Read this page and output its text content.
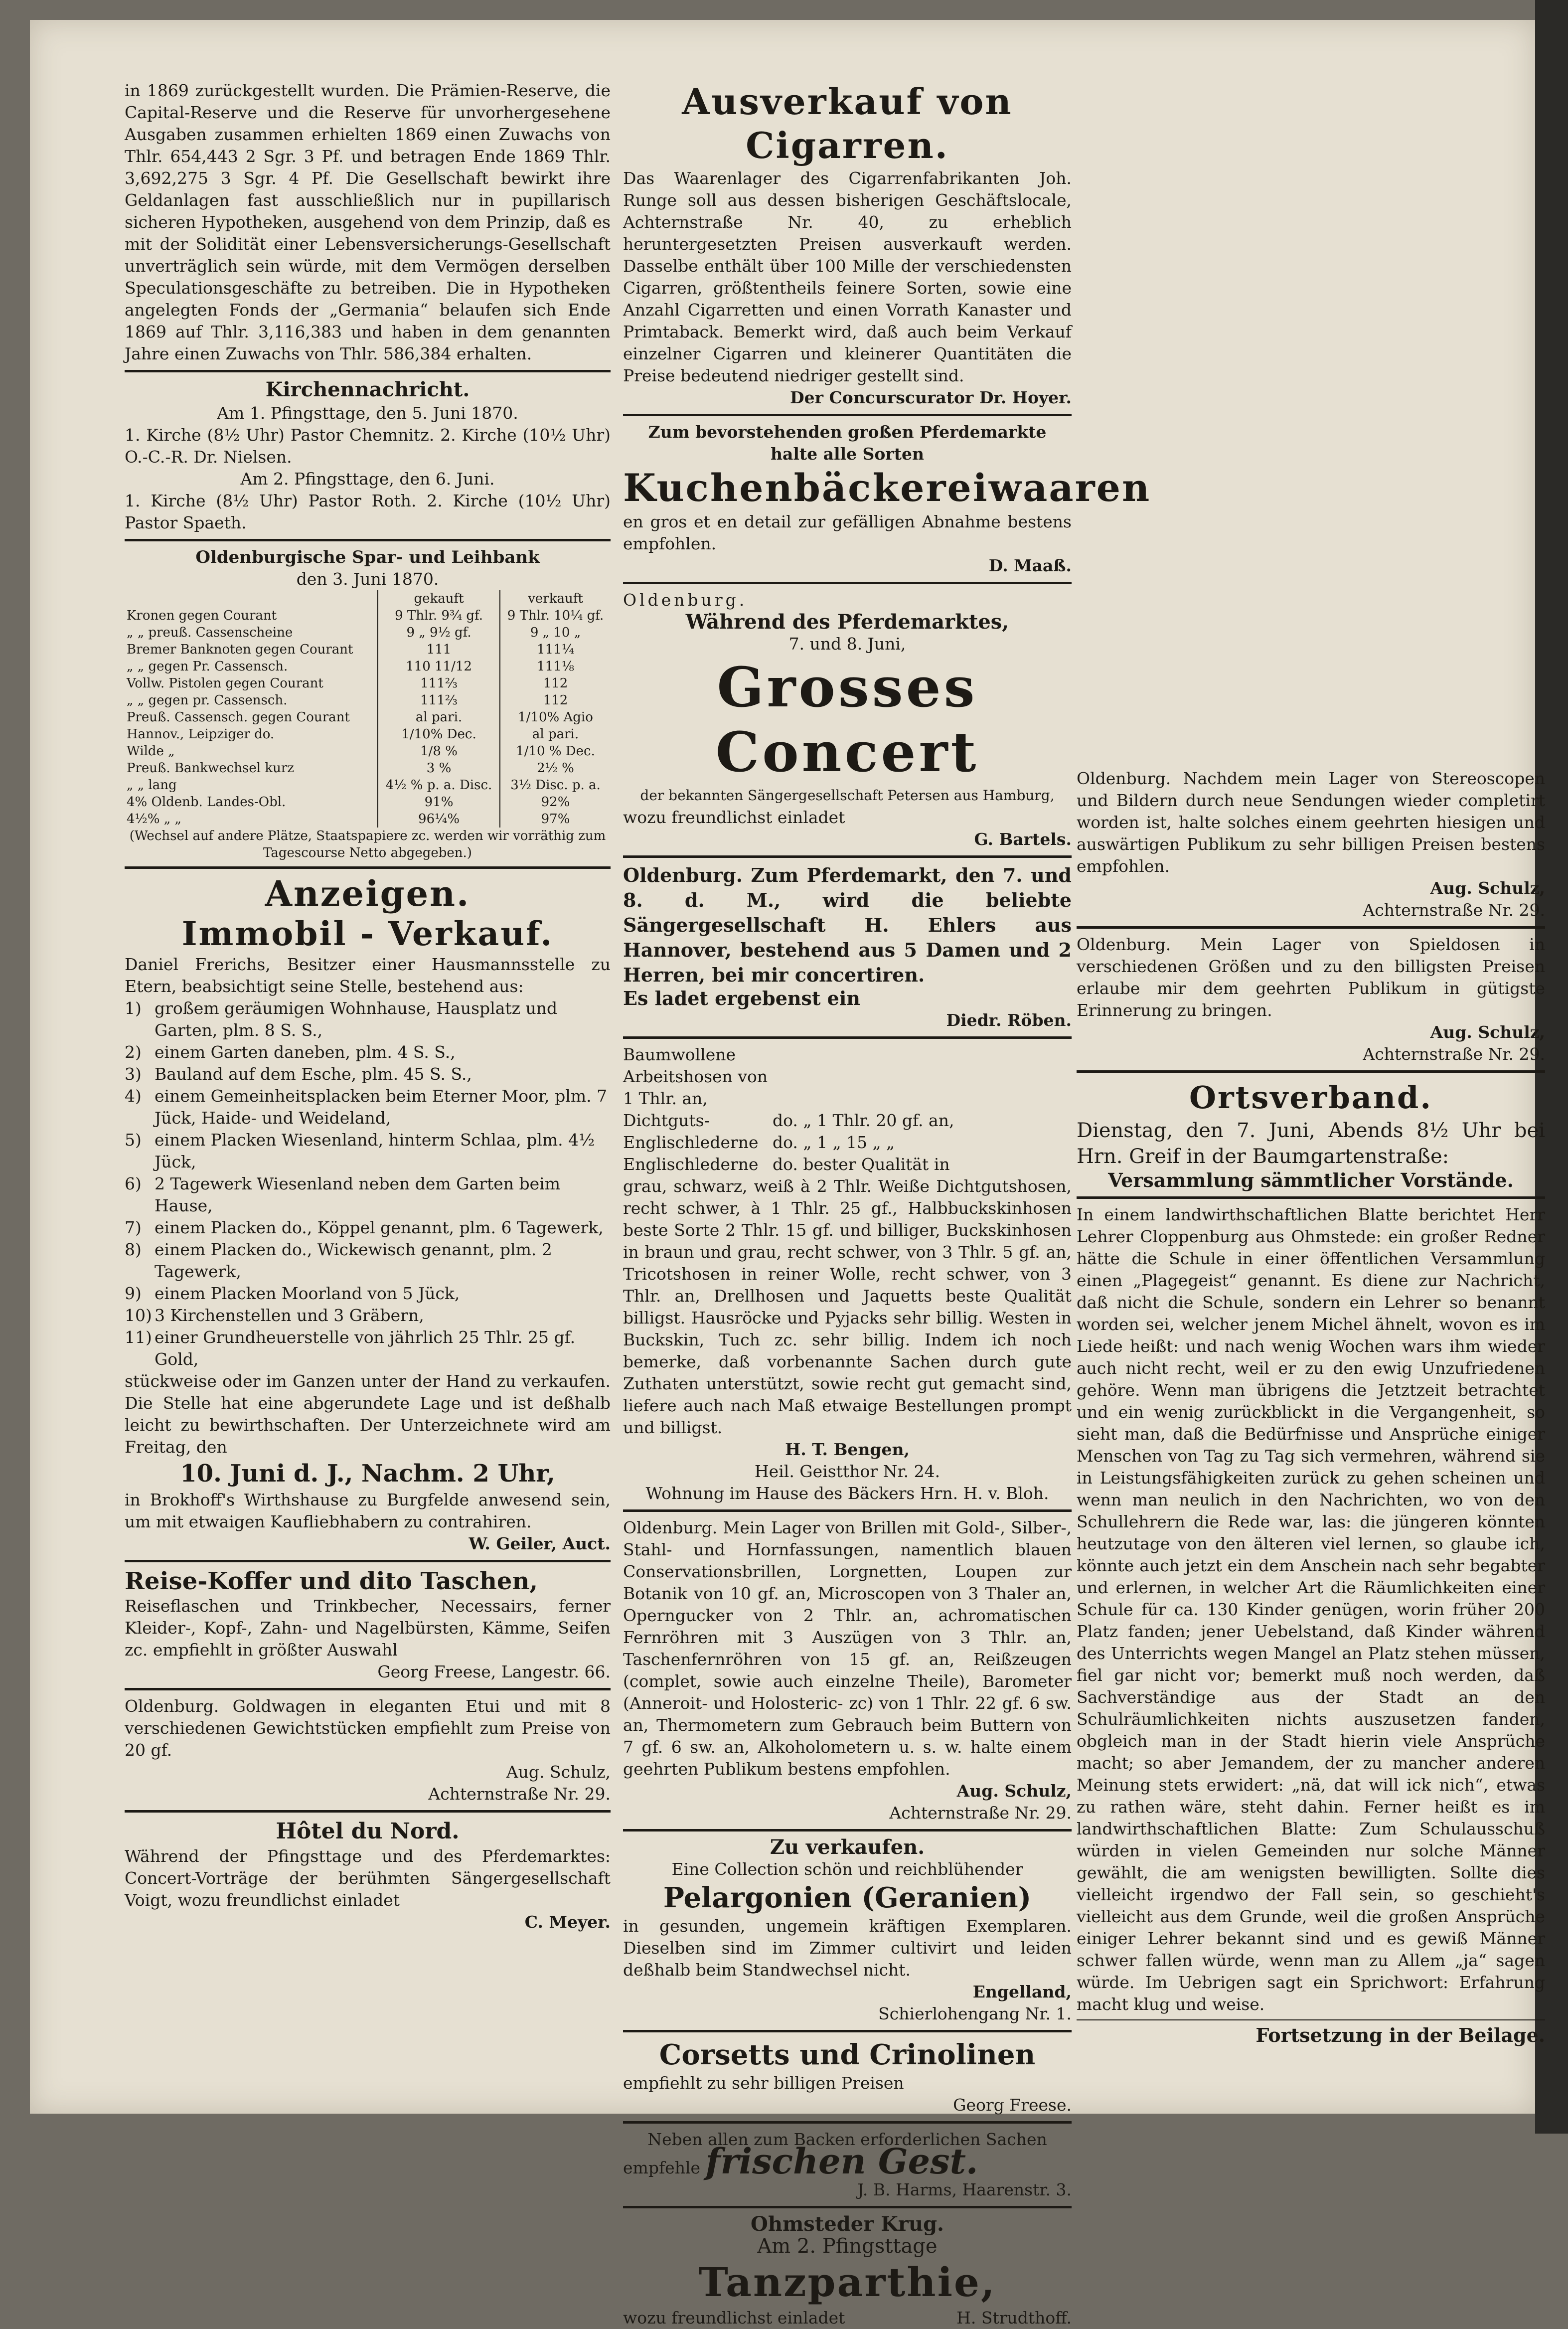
in 1869 zurückgestellt wurden. Die Prämien-Reserve, die Capital-Reserve und die Reserve für unvorhergesehene Ausgaben zusammen erhielten 1869 einen Zuwachs von Thlr. 654,443 2 Sgr. 3 Pf. und betragen Ende 1869 Thlr. 3,692,275 3 Sgr. 4 Pf. Die Gesellschaft bewirkt ihre Geldanlagen fast ausschließlich nur in pupillarisch sicheren Hypotheken, ausgehend von dem Prinzip, daß es mit der Solidität einer Lebensversicherungs-Gesellschaft unverträglich sein würde, mit dem Vermögen derselben Speculationsgeschäfte zu betreiben. Die in Hypotheken angelegten Fonds der „Germania“ belaufen sich Ende 1869 auf Thlr. 3,116,383 und haben in dem genannten Jahre einen Zuwachs von Thlr. 586,384 erhalten.

Kirchennachricht.

Am 1. Pfingsttage, den 5. Juni 1870.

1. Kirche (8½ Uhr) Pastor Chemnitz. 2. Kirche (10½ Uhr) O.-C.-R. Dr. Nielsen.

Am 2. Pfingsttage, den 6. Juni.

1. Kirche (8½ Uhr) Pastor Roth. 2. Kirche (10½ Uhr) Pastor Spaeth.

Oldenburgische Spar- und Leihbank

den 3. Juni 1870.

	gekauft	verkauft
Kronen gegen Courant	9 Thlr. 9¾ gf.	9 Thlr. 10¼ gf.
„ „ preuß. Cassenscheine	9 „ 9½ gf.	9 „ 10 „
Bremer Banknoten gegen Courant	111	111¼
„ „ gegen Pr. Cassensch.	110 11/12	111⅛
Vollw. Pistolen gegen Courant	111⅔	112
„ „ gegen pr. Cassensch.	111⅔	112
Preuß. Cassensch. gegen Courant	al pari.	1/10% Agio
Hannov., Leipziger do.	1/10% Dec.	al pari.
Wilde „	1/8 %	1/10 % Dec.
Preuß. Bankwechsel kurz	3 %	2½ %
„ „ lang	4½ % p. a. Disc.	3½ Disc. p. a.
4% Oldenb. Landes-Obl.	91%	92%
4½% „ „	96¼%	97%

(Wechsel auf andere Plätze, Staatspapiere zc. werden wir vorräthig zum Tagescourse Netto abgegeben.)

Anzeigen.

Immobil - Verkauf.

Daniel Frerichs, Besitzer einer Hausmannsstelle zu Etern, beabsichtigt seine Stelle, bestehend aus:

1) großem geräumigen Wohnhause, Hausplatz und Garten, plm. 8 S. S.,
2) einem Garten daneben, plm. 4 S. S.,
3) Bauland auf dem Esche, plm. 45 S. S.,
4) einem Gemeinheitsplacken beim Eterner Moor, plm. 7 Jück, Haide- und Weideland,
5) einem Placken Wiesenland, hinterm Schlaa, plm. 4½ Jück,
6) 2 Tagewerk Wiesenland neben dem Garten beim Hause,
7) einem Placken do., Köppel genannt, plm. 6 Tagewerk,
8) einem Placken do., Wickewisch genannt, plm. 2 Tagewerk,
9) einem Placken Moorland von 5 Jück,
10) 3 Kirchenstellen und 3 Gräbern,
11) einer Grundheuerstelle von jährlich 25 Thlr. 25 gf. Gold,

stückweise oder im Ganzen unter der Hand zu verkaufen. Die Stelle hat eine abgerundete Lage und ist deßhalb leicht zu bewirthschaften. Der Unterzeichnete wird am Freitag, den

10. Juni d. J., Nachm. 2 Uhr,

in Brokhoff's Wirthshause zu Burgfelde anwesend sein, um mit etwaigen Kaufliebhabern zu contrahiren.

W. Geiler, Auct.

Reise-Koffer und dito Taschen,

Reiseflaschen und Trinkbecher, Necessairs, ferner Kleider-, Kopf-, Zahn- und Nagelbürsten, Kämme, Seifen zc. empfiehlt in größter Auswahl

Georg Freese, Langestr. 66.

Oldenburg. Goldwagen in eleganten Etui und mit 8 verschiedenen Gewichtstücken empfiehlt zum Preise von 20 gf.

Aug. Schulz,

Achternstraße Nr. 29.

Hôtel du Nord.

Während der Pfingsttage und des Pferdemarktes: Concert-Vorträge der berühmten Sängergesellschaft Voigt, wozu freundlichst einladet

C. Meyer.

Ausverkauf von Cigarren.

Das Waarenlager des Cigarrenfabrikanten Joh. Runge soll aus dessen bisherigen Geschäftslocale, Achternstraße Nr. 40, zu erheblich heruntergesetzten Preisen ausverkauft werden. Dasselbe enthält über 100 Mille der verschiedensten Cigarren, größtentheils feinere Sorten, sowie eine Anzahl Cigarretten und einen Vorrath Kanaster und Primtaback. Bemerkt wird, daß auch beim Verkauf einzelner Cigarren und kleinerer Quantitäten die Preise bedeutend niedriger gestellt sind.

Der Concurscurator Dr. Hoyer.

Zum bevorstehenden großen Pferdemarkte halte alle Sorten

Kuchenbäckereiwaaren

en gros et en detail zur gefälligen Abnahme bestens empfohlen.

D. Maaß.

Oldenburg.

Während des Pferdemarktes,

7. und 8. Juni,

Grosses Concert

der bekannten Sängergesellschaft Petersen aus Hamburg,

wozu freundlichst einladet

G. Bartels.

Oldenburg. Zum Pferdemarkt, den 7. und 8. d. M., wird die beliebte Sängergesellschaft H. Ehlers aus Hannover, bestehend aus 5 Damen und 2 Herren, bei mir concertiren.

Es ladet ergebenst ein

Diedr. Röben.

Baumwollene Arbeitshosen von 1 Thlr. an,
Dichtguts-	do. „ 1 Thlr. 20 gf. an,
Englischlederne do. „ 1 „ 15 „ „
Englischlederne do. bester Qualität in

grau, schwarz, weiß à 2 Thlr. Weiße Dichtgutshosen, recht schwer, à 1 Thlr. 25 gf., Halbbuckskinhosen beste Sorte 2 Thlr. 15 gf. und billiger, Buckskinhosen in braun und grau, recht schwer, von 3 Thlr. 5 gf. an, Tricotshosen in reiner Wolle, recht schwer, von 3 Thlr. an, Drellhosen und Jaquetts beste Qualität billigst. Hausröcke und Pyjacks sehr billig. Westen in Buckskin, Tuch zc. sehr billig. Indem ich noch bemerke, daß vorbenannte Sachen durch gute Zuthaten unterstützt, sowie recht gut gemacht sind, liefere auch nach Maß etwaige Bestellungen prompt und billigst.

H. T. Bengen,

Heil. Geistthor Nr. 24.

Wohnung im Hause des Bäckers Hrn. H. v. Bloh.

Oldenburg. Mein Lager von Brillen mit Gold-, Silber-, Stahl- und Hornfassungen, namentlich blauen Conservationsbrillen, Lorgnetten, Loupen zur Botanik von 10 gf. an, Microscopen von 3 Thaler an, Operngucker von 2 Thlr. an, achromatischen Fernröhren mit 3 Auszügen von 3 Thlr. an, Taschenfernröhren von 15 gf. an, Reißzeugen (complet, sowie auch einzelne Theile), Barometer (Anneroit- und Holosteric- zc) von 1 Thlr. 22 gf. 6 sw. an, Thermometern zum Gebrauch beim Buttern von 7 gf. 6 sw. an, Alkoholometern u. s. w. halte einem geehrten Publikum bestens empfohlen.

Aug. Schulz,

Achternstraße Nr. 29.

Zu verkaufen.

Eine Collection schön und reichblühender

Pelargonien (Geranien)

in gesunden, ungemein kräftigen Exemplaren. Dieselben sind im Zimmer cultivirt und leiden deßhalb beim Standwechsel nicht.

Engelland,

Schierlohengang Nr. 1.

Corsetts und Crinolinen

empfiehlt zu sehr billigen Preisen

Georg Freese.

Neben allen zum Backen erforderlichen Sachen

empfehle frischen Gest.

J. B. Harms, Haarenstr. 3.

Ohmsteder Krug.

Am 2. Pfingsttage

Tanzparthie,

wozu freundlichst einladet	H. Strudthoff.

Oldenburg. Nachdem mein Lager von Stereoscopen und Bildern durch neue Sendungen wieder completirt worden ist, halte solches einem geehrten hiesigen und auswärtigen Publikum zu sehr billigen Preisen bestens empfohlen.

Aug. Schulz,

Achternstraße Nr. 29.

Oldenburg. Mein Lager von Spieldosen in verschiedenen Größen und zu den billigsten Preisen erlaube mir dem geehrten Publikum in gütigste Erinnerung zu bringen.

Aug. Schulz,

Achternstraße Nr. 29.

Ortsverband.

Dienstag, den 7. Juni, Abends 8½ Uhr bei Hrn. Greif in der Baumgartenstraße:

Versammlung sämmtlicher Vorstände.

In einem landwirthschaftlichen Blatte berichtet Herr Lehrer Cloppenburg aus Ohmstede: ein großer Redner hätte die Schule in einer öffentlichen Versammlung einen „Plagegeist“ genannt. Es diene zur Nachricht, daß nicht die Schule, sondern ein Lehrer so benannt worden sei, welcher jenem Michel ähnelt, wovon es im Liede heißt: und nach wenig Wochen wars ihm wieder auch nicht recht, weil er zu den ewig Unzufriedenen gehöre. Wenn man übrigens die Jetztzeit betrachtet und ein wenig zurückblickt in die Vergangenheit, so sieht man, daß die Bedürfnisse und Ansprüche einiger Menschen von Tag zu Tag sich vermehren, während sie in Leistungsfähigkeiten zurück zu gehen scheinen und wenn man neulich in den Nachrichten, wo von den Schullehrern die Rede war, las: die jüngeren könnten heutzutage von den älteren viel lernen, so glaube ich, könnte auch jetzt ein dem Anschein nach sehr begabter und erlernen, in welcher Art die Räumlichkeiten einer Schule für ca. 130 Kinder genügen, worin früher 200 Platz fanden; jener Uebelstand, daß Kinder während des Unterrichts wegen Mangel an Platz stehen müssen, fiel gar nicht vor; bemerkt muß noch werden, daß Sachverständige aus der Stadt an den Schulräumlichkeiten nichts auszusetzen fanden, obgleich man in der Stadt hierin viele Ansprüche macht; so aber Jemandem, der zu mancher anderen Meinung stets erwidert: „nä, dat will ick nich“, etwas zu rathen wäre, steht dahin. Ferner heißt es im landwirthschaftlichen Blatte: Zum Schulausschuß würden in vielen Gemeinden nur solche Männer gewählt, die am wenigsten bewilligten. Sollte dies vielleicht irgendwo der Fall sein, so geschieht's vielleicht aus dem Grunde, weil die großen Ansprüche einiger Lehrer bekannt sind und es gewiß Männer schwer fallen würde, wenn man zu Allem „ja“ sagen würde. Im Uebrigen sagt ein Sprichwort: Erfahrung macht klug und weise.

Fortsetzung in der Beilage.
